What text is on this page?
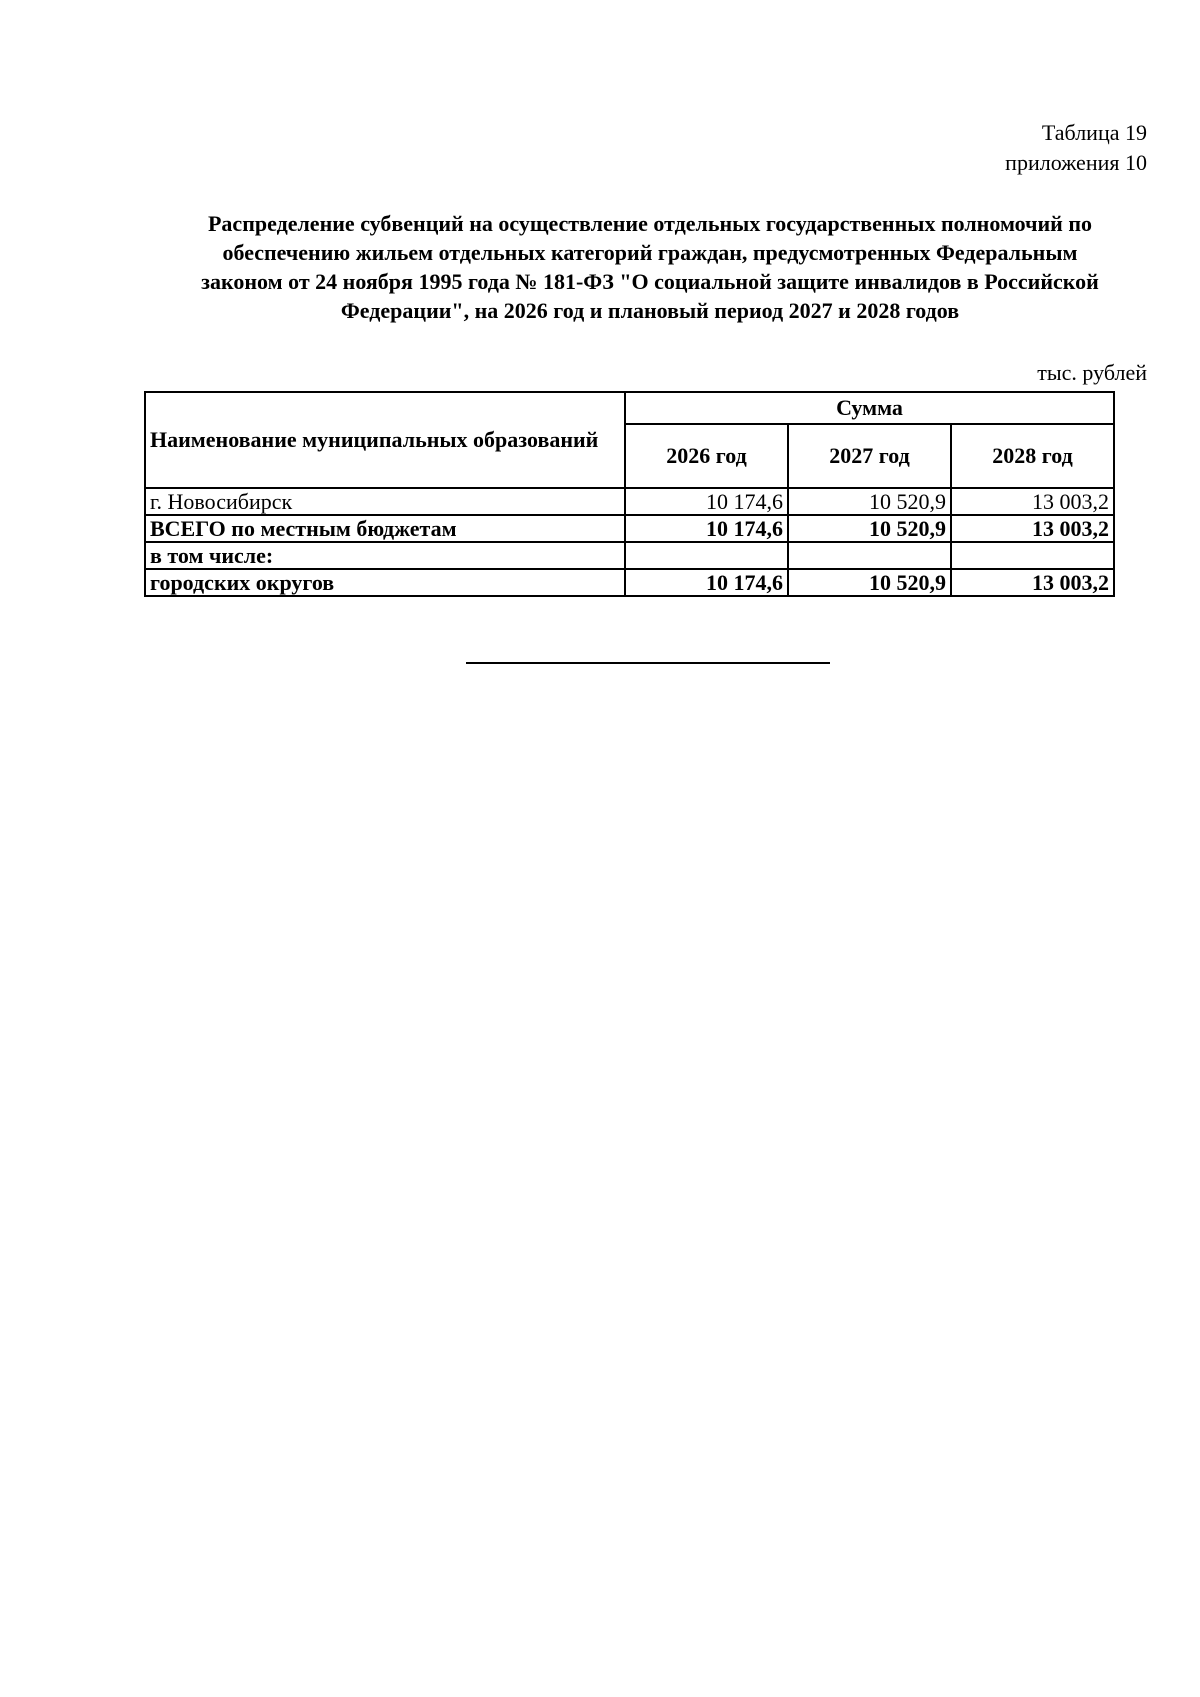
Таблица 19
приложения 10
Распределение субвенций на осуществление отдельных государственных полномочий по
обеспечению жильем отдельных категорий граждан, предусмотренных Федеральным
законом от 24 ноября 1995 года № 181-ФЗ "О социальной защите инвалидов в Российской
Федерации", на 2026 год и плановый период 2027 и 2028 годов
тыс. рублей
Наименование муниципальных образований	Сумма		
	2026 год	2027 год	2028 год
г. Новосибирск	10 174,6	10 520,9	13 003,2
ВСЕГО по местным бюджетам	10 174,6	10 520,9	13 003,2
в том числе:			
городских округов	10 174,6	10 520,9	13 003,2
